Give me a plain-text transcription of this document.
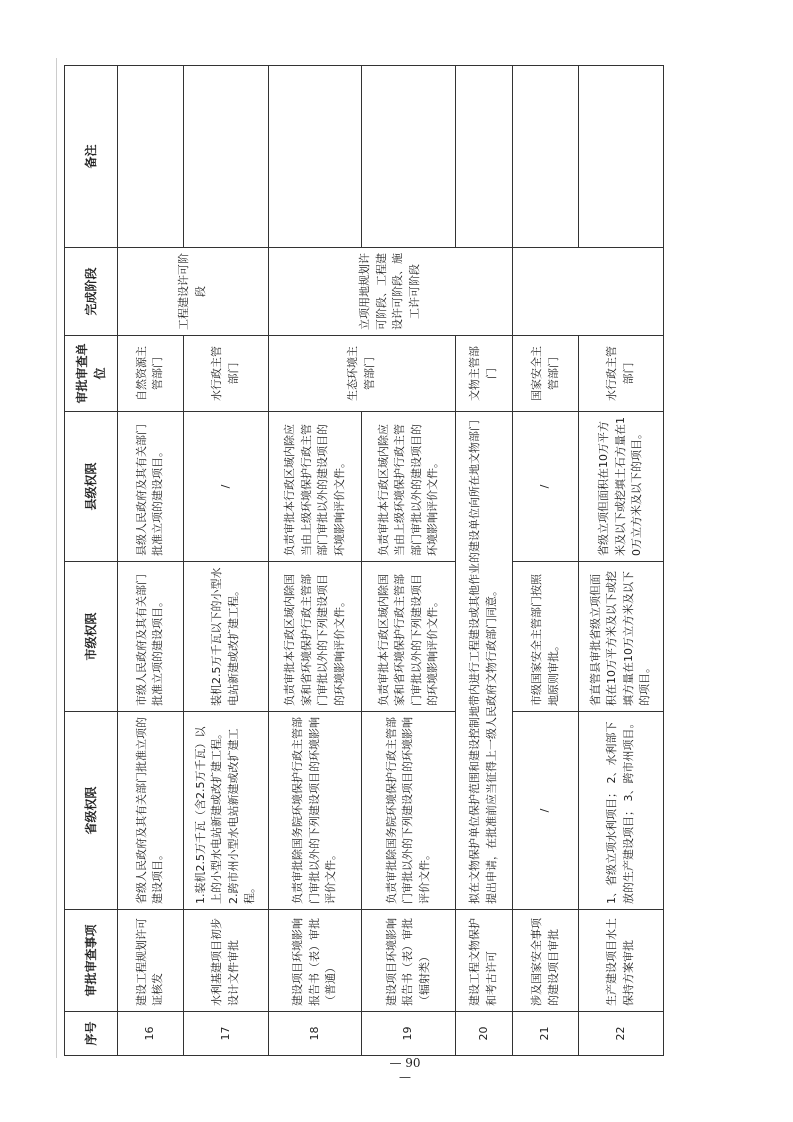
序号	审批审查事项	省级权限	市级权限	县级权限	审批审查单位	完成阶段	备注
16	建设工程规划许可证核发	省级人民政府及其有关部门批准立项的建设项目。	市级人民政府及其有关部门批准立项的建设项目。	县级人民政府及其有关部门批准立项的建设项目。	自然资源主管部门	工程建设许可阶段	
17	水利基建项目初步设计文件审批	1.装机2.5万千瓦（含2.5万千瓦）以上的小型水电站新建或改扩建工程。 2.跨市州小型水电站新建或改扩建工程。	装机2.5万千瓦以下的小型水电站新建或改扩建工程。	/	水行政主管部门		
18	建设项目环境影响报告书（表）审批（普通）	负责审批除国务院环境保护行政主管部门审批以外的下列建设项目的环境影响评价文件。	负责审批本行政区域内除国家和省环境保护行政主管部门审批以外的下列建设项目的环境影响评价文件。	负责审批本行政区域内除应当由上级环境保护行政主管部门审批以外的建设项目的环境影响评价文件。	生态环境主管部门	立项用地规划许可阶段、工程建设许可阶段、施工许可阶段	
19	建设项目环境影响报告书（表）审批（辐射类）	负责审批除国务院环境保护行政主管部门审批以外的下列建设项目的环境影响评价文件。	负责审批本行政区域内除国家和省环境保护行政主管部门审批以外的下列建设项目的环境影响评价文件。	负责审批本行政区域内除应当由上级环境保护行政主管部门审批以外的建设项目的环境影响评价文件。			
20	建设工程文物保护和考古许可	拟在文物保护单位保护范围和建设控制地带内进行工程建设或其他作业的建设单位向所在地文物部门提出申请，在批准前应当征得上一级人民政府文物行政部门同意。			文物主管部门		
21	涉及国家安全事项的建设项目审批	/	市级国家安全主管部门按照地原则审批。	/	国家安全主管部门		
22	生产建设项目水土保持方案审批	1、省级立项水利项目； 2、水利部下放的生产建设项目； 3、跨市州项目。	省直管县审批省级立项但面积在10万平方米及以下或挖填方量在10万立方米及以下的项目。	省级立项但面积在10万平方米及以下或挖填土石方量在10万立方米及以下的项目。	水行政主管部门		
— 90 —
